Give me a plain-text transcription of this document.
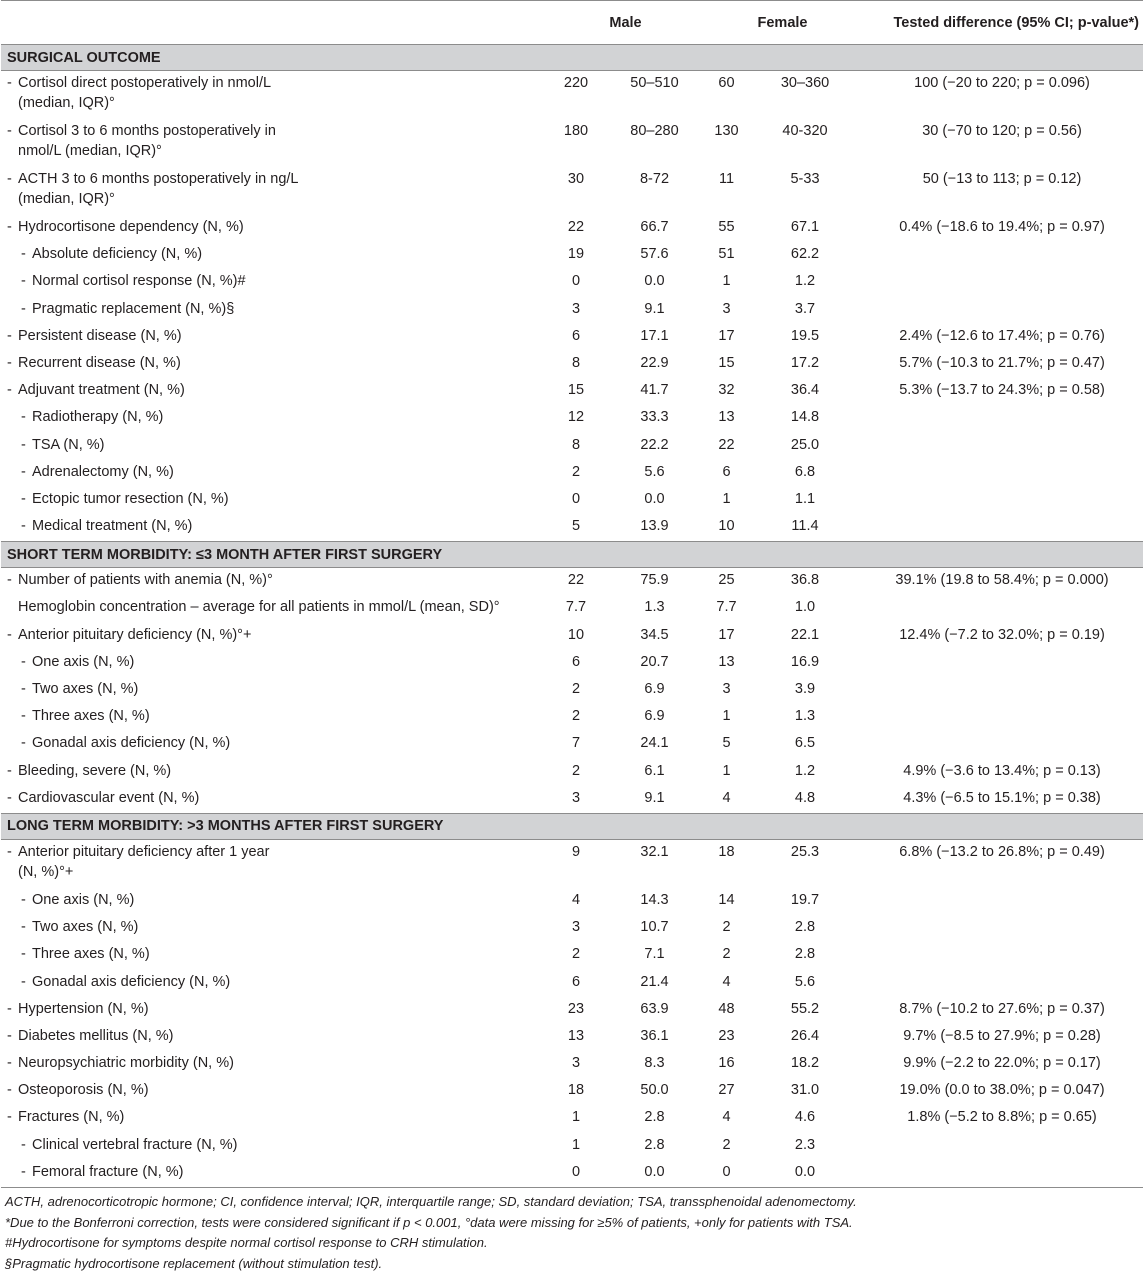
	Male		Female		Tested difference (95% CI; p-value*)
SURGICAL OUTCOME					
- Cortisol direct postoperatively in nmol/L
(median, IQR)°	220	50–510	60	30–360	100 (−20 to 220; p = 0.096)
- Cortisol 3 to 6 months postoperatively in
nmol/L (median, IQR)°	180	80–280	130	40-320	30 (−70 to 120; p = 0.56)
- ACTH 3 to 6 months postoperatively in ng/L
(median, IQR)°	30	8-72	11	5-33	50 (−13 to 113; p = 0.12)
- Hydrocortisone dependency (N, %)	22	66.7	55	67.1	0.4% (−18.6 to 19.4%; p = 0.97)
- Absolute deficiency (N, %)	19	57.6	51	62.2	
- Normal cortisol response (N, %)#	0	0.0	1	1.2	
- Pragmatic replacement (N, %)§	3	9.1	3	3.7	
- Persistent disease (N, %)	6	17.1	17	19.5	2.4% (−12.6 to 17.4%; p = 0.76)
- Recurrent disease (N, %)	8	22.9	15	17.2	5.7% (−10.3 to 21.7%; p = 0.47)
- Adjuvant treatment (N, %)	15	41.7	32	36.4	5.3% (−13.7 to 24.3%; p = 0.58)
- Radiotherapy (N, %)	12	33.3	13	14.8	
- TSA (N, %)	8	22.2	22	25.0	
- Adrenalectomy (N, %)	2	5.6	6	6.8	
- Ectopic tumor resection (N, %)	0	0.0	1	1.1	
- Medical treatment (N, %)	5	13.9	10	11.4	
SHORT TERM MORBIDITY: ≤3 MONTH AFTER FIRST SURGERY					
- Number of patients with anemia (N, %)°	22	75.9	25	36.8	39.1% (19.8 to 58.4%; p = 0.000)
Hemoglobin concentration – average for all patients in mmol/L (mean, SD)°	7.7	1.3	7.7	1.0	
- Anterior pituitary deficiency (N, %)°+	10	34.5	17	22.1	12.4% (−7.2 to 32.0%; p = 0.19)
- One axis (N, %)	6	20.7	13	16.9	
- Two axes (N, %)	2	6.9	3	3.9	
- Three axes (N, %)	2	6.9	1	1.3	
- Gonadal axis deficiency (N, %)	7	24.1	5	6.5	
- Bleeding, severe (N, %)	2	6.1	1	1.2	4.9% (−3.6 to 13.4%; p = 0.13)
- Cardiovascular event (N, %)	3	9.1	4	4.8	4.3% (−6.5 to 15.1%; p = 0.38)
LONG TERM MORBIDITY: >3 MONTHS AFTER FIRST SURGERY					
- Anterior pituitary deficiency after 1 year
(N, %)°+	9	32.1	18	25.3	6.8% (−13.2 to 26.8%; p = 0.49)
- One axis (N, %)	4	14.3	14	19.7	
- Two axes (N, %)	3	10.7	2	2.8	
- Three axes (N, %)	2	7.1	2	2.8	
- Gonadal axis deficiency (N, %)	6	21.4	4	5.6	
- Hypertension (N, %)	23	63.9	48	55.2	8.7% (−10.2 to 27.6%; p = 0.37)
- Diabetes mellitus (N, %)	13	36.1	23	26.4	9.7% (−8.5 to 27.9%; p = 0.28)
- Neuropsychiatric morbidity (N, %)	3	8.3	16	18.2	9.9% (−2.2 to 22.0%; p = 0.17)
- Osteoporosis (N, %)	18	50.0	27	31.0	19.0% (0.0 to 38.0%; p = 0.047)
- Fractures (N, %)	1	2.8	4	4.6	1.8% (−5.2 to 8.8%; p = 0.65)
- Clinical vertebral fracture (N, %)	1	2.8	2	2.3	
- Femoral fracture (N, %)	0	0.0	0	0.0	
ACTH, adrenocorticotropic hormone; CI, confidence interval; IQR, interquartile range; SD, standard deviation; TSA, transsphenoidal adenomectomy.
*Due to the Bonferroni correction, tests were considered significant if p < 0.001, °data were missing for ≥5% of patients, +only for patients with TSA.
#Hydrocortisone for symptoms despite normal cortisol response to CRH stimulation.
§Pragmatic hydrocortisone replacement (without stimulation test).
